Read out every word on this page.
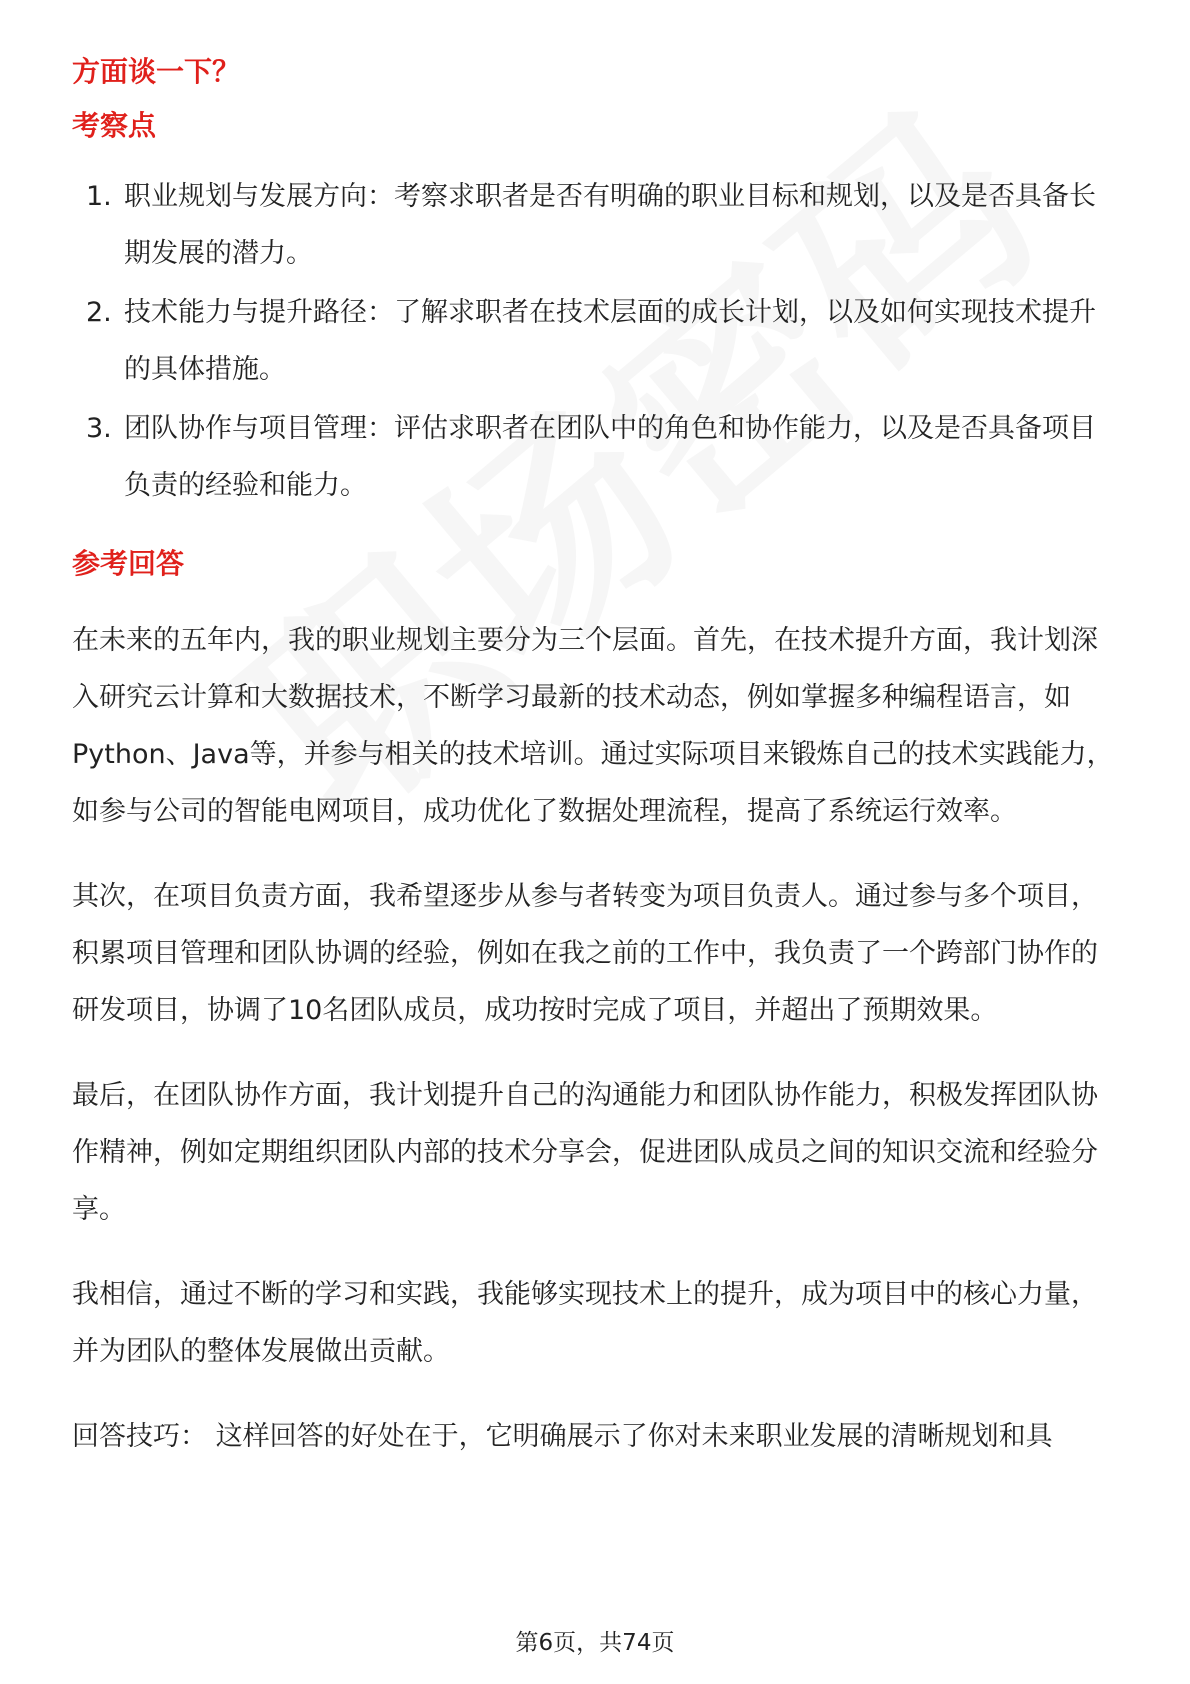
方面谈一下？
考察点
1. 职业规划与发展方向：考察求职者是否有明确的职业目标和规划，以及是否具备长期发展的潜力。
2. 技术能力与提升路径：了解求职者在技术层面的成长计划，以及如何实现技术提升的具体措施。
3. 团队协作与项目管理：评估求职者在团队中的角色和协作能力，以及是否具备项目负责的经验和能力。
参考回答

在未来的五年内，我的职业规划主要分为三个层面。首先，在技术提升方面，我计划深入研究云计算和大数据技术，不断学习最新的技术动态，例如掌握多种编程语言，如Python、Java等，并参与相关的技术培训。通过实际项目来锻炼自己的技术实践能力，如参与公司的智能电网项目，成功优化了数据处理流程，提高了系统运行效率。

其次，在项目负责方面，我希望逐步从参与者转变为项目负责人。通过参与多个项目，积累项目管理和团队协调的经验，例如在我之前的工作中，我负责了一个跨部门协作的研发项目，协调了10名团队成员，成功按时完成了项目，并超出了预期效果。

最后，在团队协作方面，我计划提升自己的沟通能力和团队协作能力，积极发挥团队协作精神，例如定期组织团队内部的技术分享会，促进团队成员之间的知识交流和经验分享。

我相信，通过不断的学习和实践，我能够实现技术上的提升，成为项目中的核心力量，并为团队的整体发展做出贡献。

回答技巧： 这样回答的好处在于，它明确展示了你对未来职业发展的清晰规划和具

第6页，共74页
